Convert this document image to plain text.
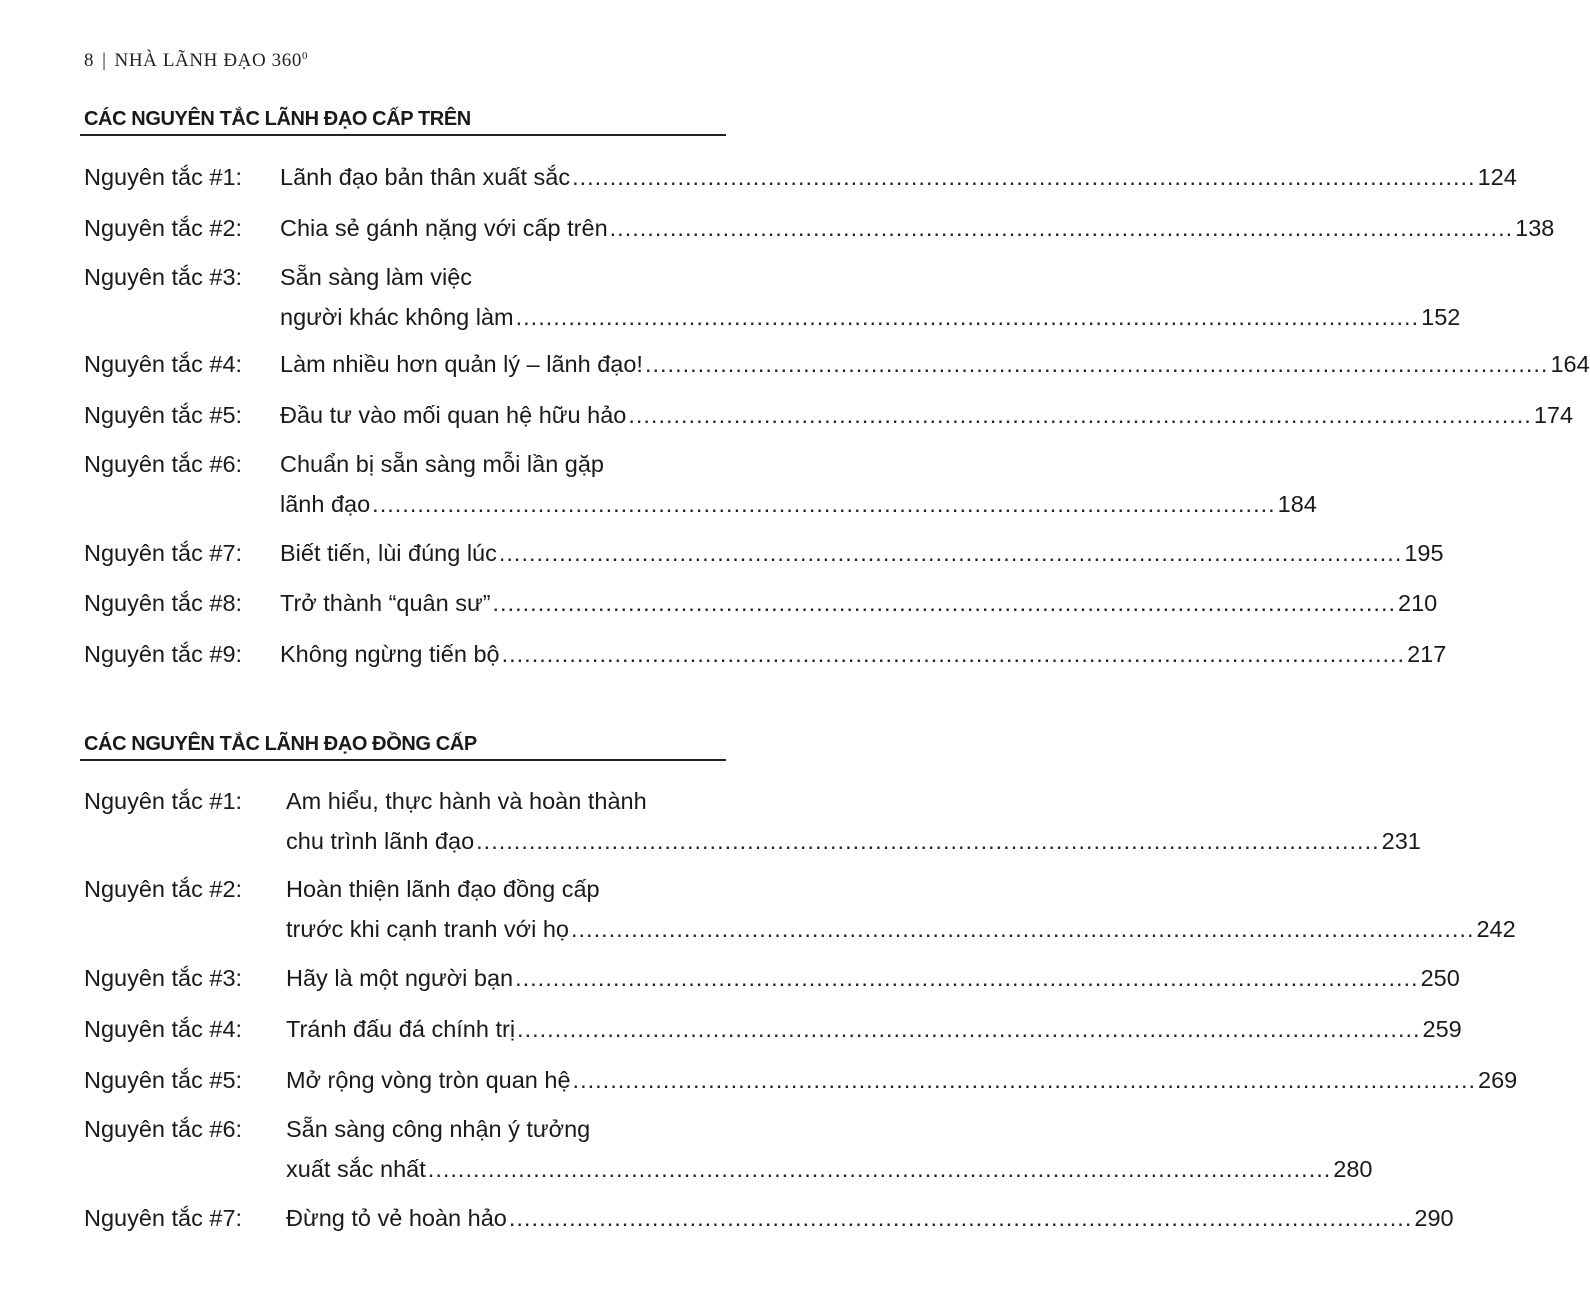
8 | NHÀ LÃNH ĐẠO $360^0$
CÁC NGUYÊN TẮC LÃNH ĐẠO CẤP TRÊN
Nguyên tắc #1: Lãnh đạo bản thân xuất sắc ........................................................................................................................ 124
Nguyên tắc #2: Chia sẻ gánh nặng với cấp trên ........................................................................................................................ 138
Nguyên tắc #3: Sẵn sàng làm việc
người khác không làm ........................................................................................................................ 152
Nguyên tắc #4: Làm nhiều hơn quản lý – lãnh đạo! ........................................................................................................................ 164
Nguyên tắc #5: Đầu tư vào mối quan hệ hữu hảo ........................................................................................................................ 174
Nguyên tắc #6: Chuẩn bị sẵn sàng mỗi lần gặp
lãnh đạo ........................................................................................................................ 184
Nguyên tắc #7: Biết tiến, lùi đúng lúc ........................................................................................................................ 195
Nguyên tắc #8: Trở thành “quân sư” ........................................................................................................................ 210
Nguyên tắc #9: Không ngừng tiến bộ ........................................................................................................................ 217
CÁC NGUYÊN TẮC LÃNH ĐẠO ĐỒNG CẤP
Nguyên tắc #1: Am hiểu, thực hành và hoàn thành
chu trình lãnh đạo ........................................................................................................................ 231
Nguyên tắc #2: Hoàn thiện lãnh đạo đồng cấp
trước khi cạnh tranh với họ ........................................................................................................................ 242
Nguyên tắc #3: Hãy là một người bạn ........................................................................................................................ 250
Nguyên tắc #4: Tránh đấu đá chính trị ........................................................................................................................ 259
Nguyên tắc #5: Mở rộng vòng tròn quan hệ ........................................................................................................................ 269
Nguyên tắc #6: Sẵn sàng công nhận ý tưởng
xuất sắc nhất ........................................................................................................................ 280
Nguyên tắc #7: Đừng tỏ vẻ hoàn hảo ........................................................................................................................ 290
